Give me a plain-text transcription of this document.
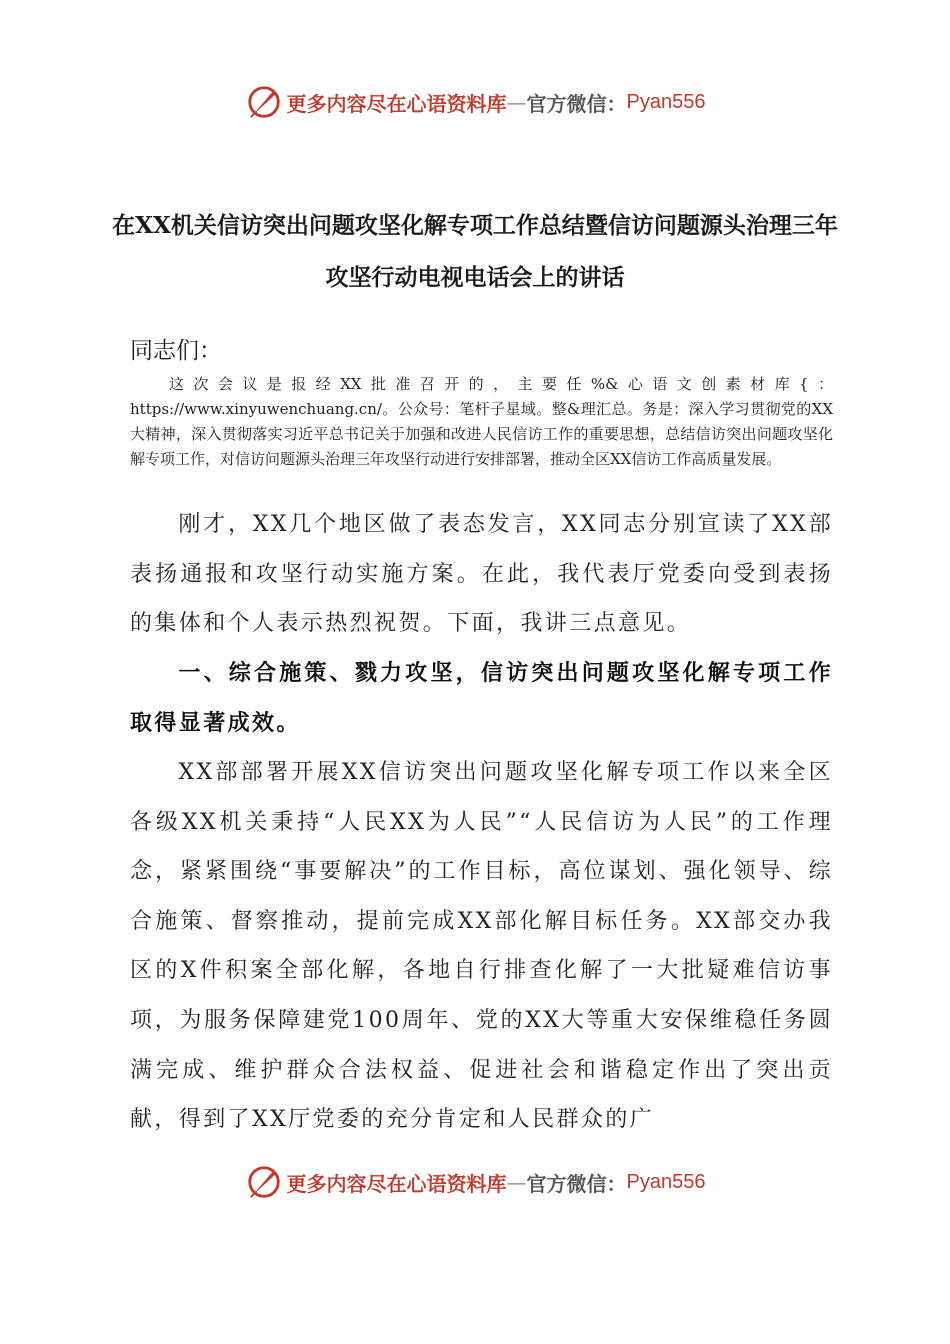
更多内容尽在心语资料库 — 官方微信： Pyan556
在XX机关信访突出问题攻坚化解专项工作总结暨信访问题源头治理三年攻坚行动电视电话会上的讲话
同志们：
这次会议是报经XX批准召开的，主要任%&心语文创素材库{：https://www.xinyuwenchuang.cn/。公众号：笔杆子星域。整&理汇总。务是：深入学习贯彻党的XX大精神，深入贯彻落实习近平总书记关于加强和改进人民信访工作的重要思想，总结信访突出问题攻坚化解专项工作，对信访问题源头治理三年攻坚行动进行安排部署，推动全区XX信访工作高质量发展。
刚才，XX几个地区做了表态发言，XX同志分别宣读了XX部表扬通报和攻坚行动实施方案。在此，我代表厅党委向受到表扬的集体和个人表示热烈祝贺。下面，我讲三点意见。
一、综合施策、戮力攻坚，信访突出问题攻坚化解专项工作取得显著成效。
XX部部署开展XX信访突出问题攻坚化解专项工作以来全区各级XX机关秉持“人民XX为人民”“人民信访为人民”的工作理念，紧紧围绕“事要解决”的工作目标，高位谋划、强化领导、综合施策、督察推动，提前完成XX部化解目标任务。XX部交办我区的X件积案全部化解，各地自行排查化解了一大批疑难信访事项，为服务保障建党100周年、党的XX大等重大安保维稳任务圆满完成、维护群众合法权益、促进社会和谐稳定作出了突出贡献，得到了XX厅党委的充分肯定和人民群众的广
更多内容尽在心语资料库 — 官方微信： Pyan556
